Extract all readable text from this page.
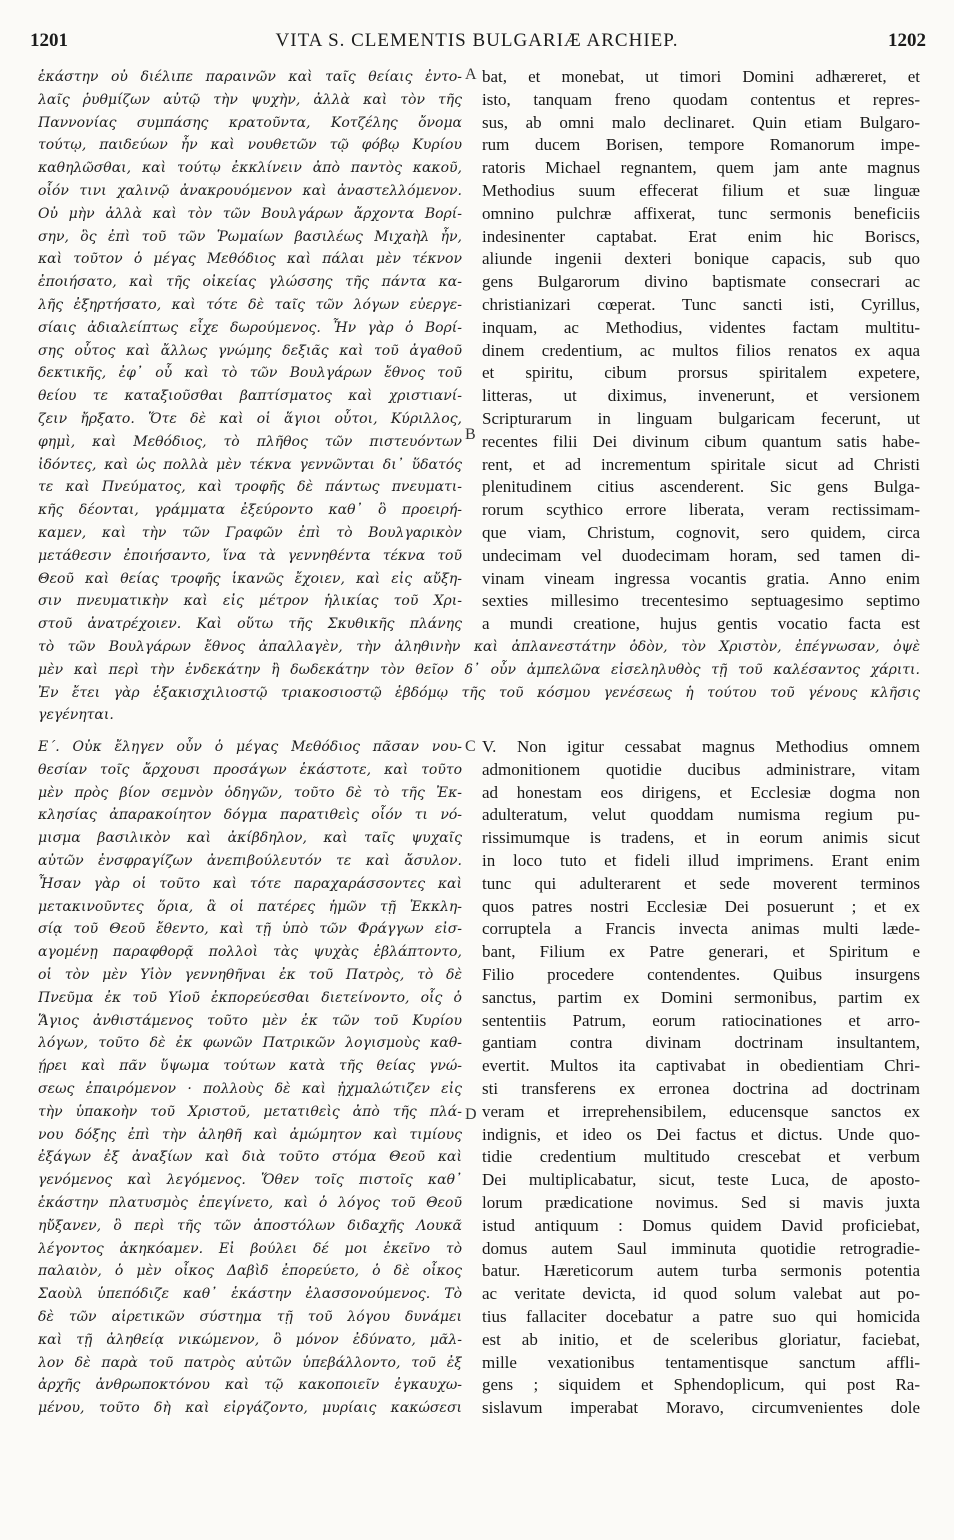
1201	VITA S. CLEMENTIS BULGARIÆ ARCHIEP.	1202
ἑκάστην οὐ διέλιπε παραινῶν καὶ ταῖς θείαις ἐντο-
λαῖς ῥυθμίζων αὐτῷ τὴν ψυχὴν, ἀλλὰ καὶ τὸν τῆς
Παννονίας συμπάσης κρατοῦντα, Κοτζέλης ὄνομα
τούτῳ, παιδεύων ἦν καὶ νουθετῶν τῷ φόβῳ Κυρίου
καθηλῶσθαι, καὶ τούτῳ ἐκκλίνειν ἀπὸ παντὸς κακοῦ,
οἷόν τινι χαλινῷ ἀνακρουόμενον καὶ ἀναστελλόμενον.
Οὐ μὴν ἀλλὰ καὶ τὸν τῶν Βουλγάρων ἄρχοντα Βορί-
σην, ὃς ἐπὶ τοῦ τῶν Ῥωμαίων βασιλέως Μιχαὴλ ἦν,
καὶ τοῦτον ὁ μέγας Μεθόδιος καὶ πάλαι μὲν τέκνον
ἐποιήσατο, καὶ τῆς οἰκείας γλώσσης τῆς πάντα κα-
λῆς ἐξηρτήσατο, καὶ τότε δὲ ταῖς τῶν λόγων εὐεργε-
σίαις ἀδιαλείπτως εἶχε δωρούμενος. Ἦν γὰρ ὁ Βορί-
σης οὗτος καὶ ἄλλως γνώμης δεξιᾶς καὶ τοῦ ἀγαθοῦ
δεκτικῆς, ἐφ᾽ οὗ καὶ τὸ τῶν Βουλγάρων ἔθνος τοῦ
θείου τε καταξιοῦσθαι βαπτίσματος καὶ χριστιανί-
ζειν ἤρξατο. Ὅτε δὲ καὶ οἱ ἅγιοι οὗτοι, Κύριλλος,
φημὶ, καὶ Μεθόδιος, τὸ πλῆθος τῶν πιστευόντων
ἰδόντες, καὶ ὡς πολλὰ μὲν τέκνα γεννῶνται δι᾽ ὕδατός
τε καὶ Πνεύματος, καὶ τροφῆς δὲ πάντως πνευματι-
κῆς δέονται, γράμματα ἐξεύροντο καθ᾽ ὃ προειρή-
καμεν, καὶ τὴν τῶν Γραφῶν ἐπὶ τὸ Βουλγαρικὸν
μετάθεσιν ἐποιήσαντο, ἵνα τὰ γεννηθέντα τέκνα τοῦ
Θεοῦ καὶ θείας τροφῆς ἱκανῶς ἔχοιεν, καὶ εἰς αὔξη-
σιν πνευματικὴν καὶ εἰς μέτρον ἡλικίας τοῦ Χρι-
στοῦ ἀνατρέχοιεν. Καὶ οὕτω τῆς Σκυθικῆς πλάνης
bat, et monebat, ut timori Domini adhæreret, et
isto, tanquam freno quodam contentus et repres-
sus, ab omni malo declinaret. Quin etiam Bulgaro-
rum ducem Borisen, tempore Romanorum impe-
ratoris Michael regnantem, quem jam ante magnus
Methodius suum effecerat filium et suæ linguæ
omnino pulchræ affixerat, tunc sermonis beneficiis
indesinenter captabat. Erat enim hic Boriscs,
aliunde ingenii dexteri bonique capacis, sub quo
gens Bulgarorum divino baptismate consecrari ac
christianizari cœperat. Tunc sancti isti, Cyrillus,
inquam, ac Methodius, videntes factam multitu-
dinem credentium, ac multos filios renatos ex aqua
et spiritu, cibum prorsus spiritalem expetere,
litteras, ut diximus, invenerunt, et versionem
Scripturarum in linguam bulgaricam fecerunt, ut
recentes filii Dei divinum cibum quantum satis habe-
rent, et ad incrementum spiritale sicut ad Christi
plenitudinem citius ascenderent. Sic gens Bulga-
rorum scythico errore liberata, veram rectissimam-
que viam, Christum, cognovit, sero quidem, circa
undecimam vel duodecimam horam, sed tamen di-
vinam vineam ingressa vocantis gratia. Anno enim
sexties millesimo trecentesimo septuagesimo septimo
a mundi creatione, hujus gentis vocatio facta est
τὸ τῶν Βουλγάρων ἔθνος ἀπαλλαγὲν, τὴν ἀληθινὴν καὶ ἀπλανεστάτην ὁδὸν, τὸν Χριστὸν, ἐπέγνωσαν, ὀψὲ
μὲν καὶ περὶ τὴν ἑνδεκάτην ἢ δωδεκάτην τὸν θεῖον δ᾽ οὖν ἀμπελῶνα εἰσεληλυθὸς τῇ τοῦ καλέσαντος χάριτι.
Ἐν ἔτει γὰρ ἑξακισχιλιοστῷ τριακοσιοστῷ ἑβδόμῳ τῆς τοῦ κόσμου γενέσεως ἡ τούτου τοῦ γένους κλῆσις
γεγένηται.
Ε΄. Οὐκ ἔληγεν οὖν ὁ μέγας Μεθόδιος πᾶσαν νου-
θεσίαν τοῖς ἄρχουσι προσάγων ἑκάστοτε, καὶ τοῦτο
μὲν πρὸς βίον σεμνὸν ὁδηγῶν, τοῦτο δὲ τὸ τῆς Ἐκ-
κλησίας ἀπαρακοίητον δόγμα παρατιθεὶς οἷόν τι νό-
μισμα βασιλικὸν καὶ ἀκίβδηλον, καὶ ταῖς ψυχαῖς
αὐτῶν ἐνσφραγίζων ἀνεπιβούλευτόν τε καὶ ἄσυλον.
Ἦσαν γὰρ οἱ τοῦτο καὶ τότε παραχαράσσοντες καὶ
μετακινοῦντες ὅρια, ἃ οἱ πατέρες ἡμῶν τῇ Ἐκκλη-
σίᾳ τοῦ Θεοῦ ἔθεντο, καὶ τῇ ὑπὸ τῶν Φράγγων εἰσ-
αγομένῃ παραφθορᾷ πολλοὶ τὰς ψυχὰς ἐβλάπτοντο,
οἱ τὸν μὲν Υἱὸν γεννηθῆναι ἐκ τοῦ Πατρὸς, τὸ δὲ
Πνεῦμα ἐκ τοῦ Υἱοῦ ἐκπορεύεσθαι διετείνοντο, οἷς ὁ
Ἅγιος ἀνθιστάμενος τοῦτο μὲν ἐκ τῶν τοῦ Κυρίου
λόγων, τοῦτο δὲ ἐκ φωνῶν Πατρικῶν λογισμοὺς καθ-
ῄρει καὶ πᾶν ὕψωμα τούτων κατὰ τῆς θείας γνώ-
σεως ἐπαιρόμενον · πολλοὺς δὲ καὶ ᾐχμαλώτιζεν εἰς
τὴν ὑπακοὴν τοῦ Χριστοῦ, μετατιθεὶς ἀπὸ τῆς πλά-
νου δόξης ἐπὶ τὴν ἀληθῆ καὶ ἀμώμητον καὶ τιμίους
ἐξάγων ἐξ ἀναξίων καὶ διὰ τοῦτο στόμα Θεοῦ καὶ
γενόμενος καὶ λεγόμενος. Ὅθεν τοῖς πιστοῖς καθ᾽
ἑκάστην πλατυσμὸς ἐπεγίνετο, καὶ ὁ λόγος τοῦ Θεοῦ
ηὔξανεν, ὃ περὶ τῆς τῶν ἀποστόλων διδαχῆς Λουκᾶ
λέγοντος ἀκηκόαμεν. Εἰ βούλει δέ μοι ἐκεῖνο τὸ
παλαιὸν, ὁ μὲν οἶκος Δαβὶδ ἐπορεύετο, ὁ δὲ οἶκος
Σαοὺλ ὑπεπόδιζε καθ᾽ ἑκάστην ἐλασσονούμενος. Τὸ
δὲ τῶν αἱρετικῶν σύστημα τῇ τοῦ λόγου δυνάμει
καὶ τῇ ἀληθείᾳ νικώμενον, ὃ μόνον ἐδύνατο, μᾶλ-
λον δὲ παρὰ τοῦ πατρὸς αὐτῶν ὑπεβάλλοντο, τοῦ ἐξ
ἀρχῆς ἀνθρωποκτόνου καὶ τῷ κακοποιεῖν ἐγκαυχω-
μένου, τοῦτο δὴ καὶ εἰργάζοντο, μυρίαις κακώσεσι
V. Non igitur cessabat magnus Methodius omnem
admonitionem quotidie ducibus administrare, vitam
ad honestam eos dirigens, et Ecclesiæ dogma non
adulteratum, velut quoddam numisma regium pu-
rissimumque is tradens, et in eorum animis sicut
in loco tuto et fideli illud imprimens. Erant enim
tunc qui adulterarent et sede moverent terminos
quos patres nostri Ecclesiæ Dei posuerunt ; et ex
corruptela a Francis invecta animas multi læde-
bant, Filium ex Patre generari, et Spiritum e
Filio procedere contendentes. Quibus insurgens
sanctus, partim ex Domini sermonibus, partim ex
sententiis Patrum, eorum ratiocinationes et arro-
gantiam contra divinam doctrinam insultantem,
evertit. Multos ita captivabat in obedientiam Chri-
sti transferens ex erronea doctrina ad doctrinam
veram et irreprehensibilem, educensque sanctos ex
indignis, et ideo os Dei factus et dictus. Unde quo-
tidie credentium multitudo crescebat et verbum
Dei multiplicabatur, sicut, teste Luca, de aposto-
lorum prædicatione novimus. Sed si mavis juxta
istud antiquum : Domus quidem David proficiebat,
domus autem Saul imminuta quotidie retrogradie-
batur. Hæreticorum autem turba sermonis potentia
ac veritate devicta, id quod solum valebat aut po-
tius fallaciter docebatur a patre suo qui homicida
est ab initio, et de sceleribus gloriatur, faciebat,
mille vexationibus tentamentisque sanctum affli-
gens ; siquidem et Sphendoplicum, qui post Ra-
sislavum imperabat Moravo, circumvenientes dole
A
B
C
D
